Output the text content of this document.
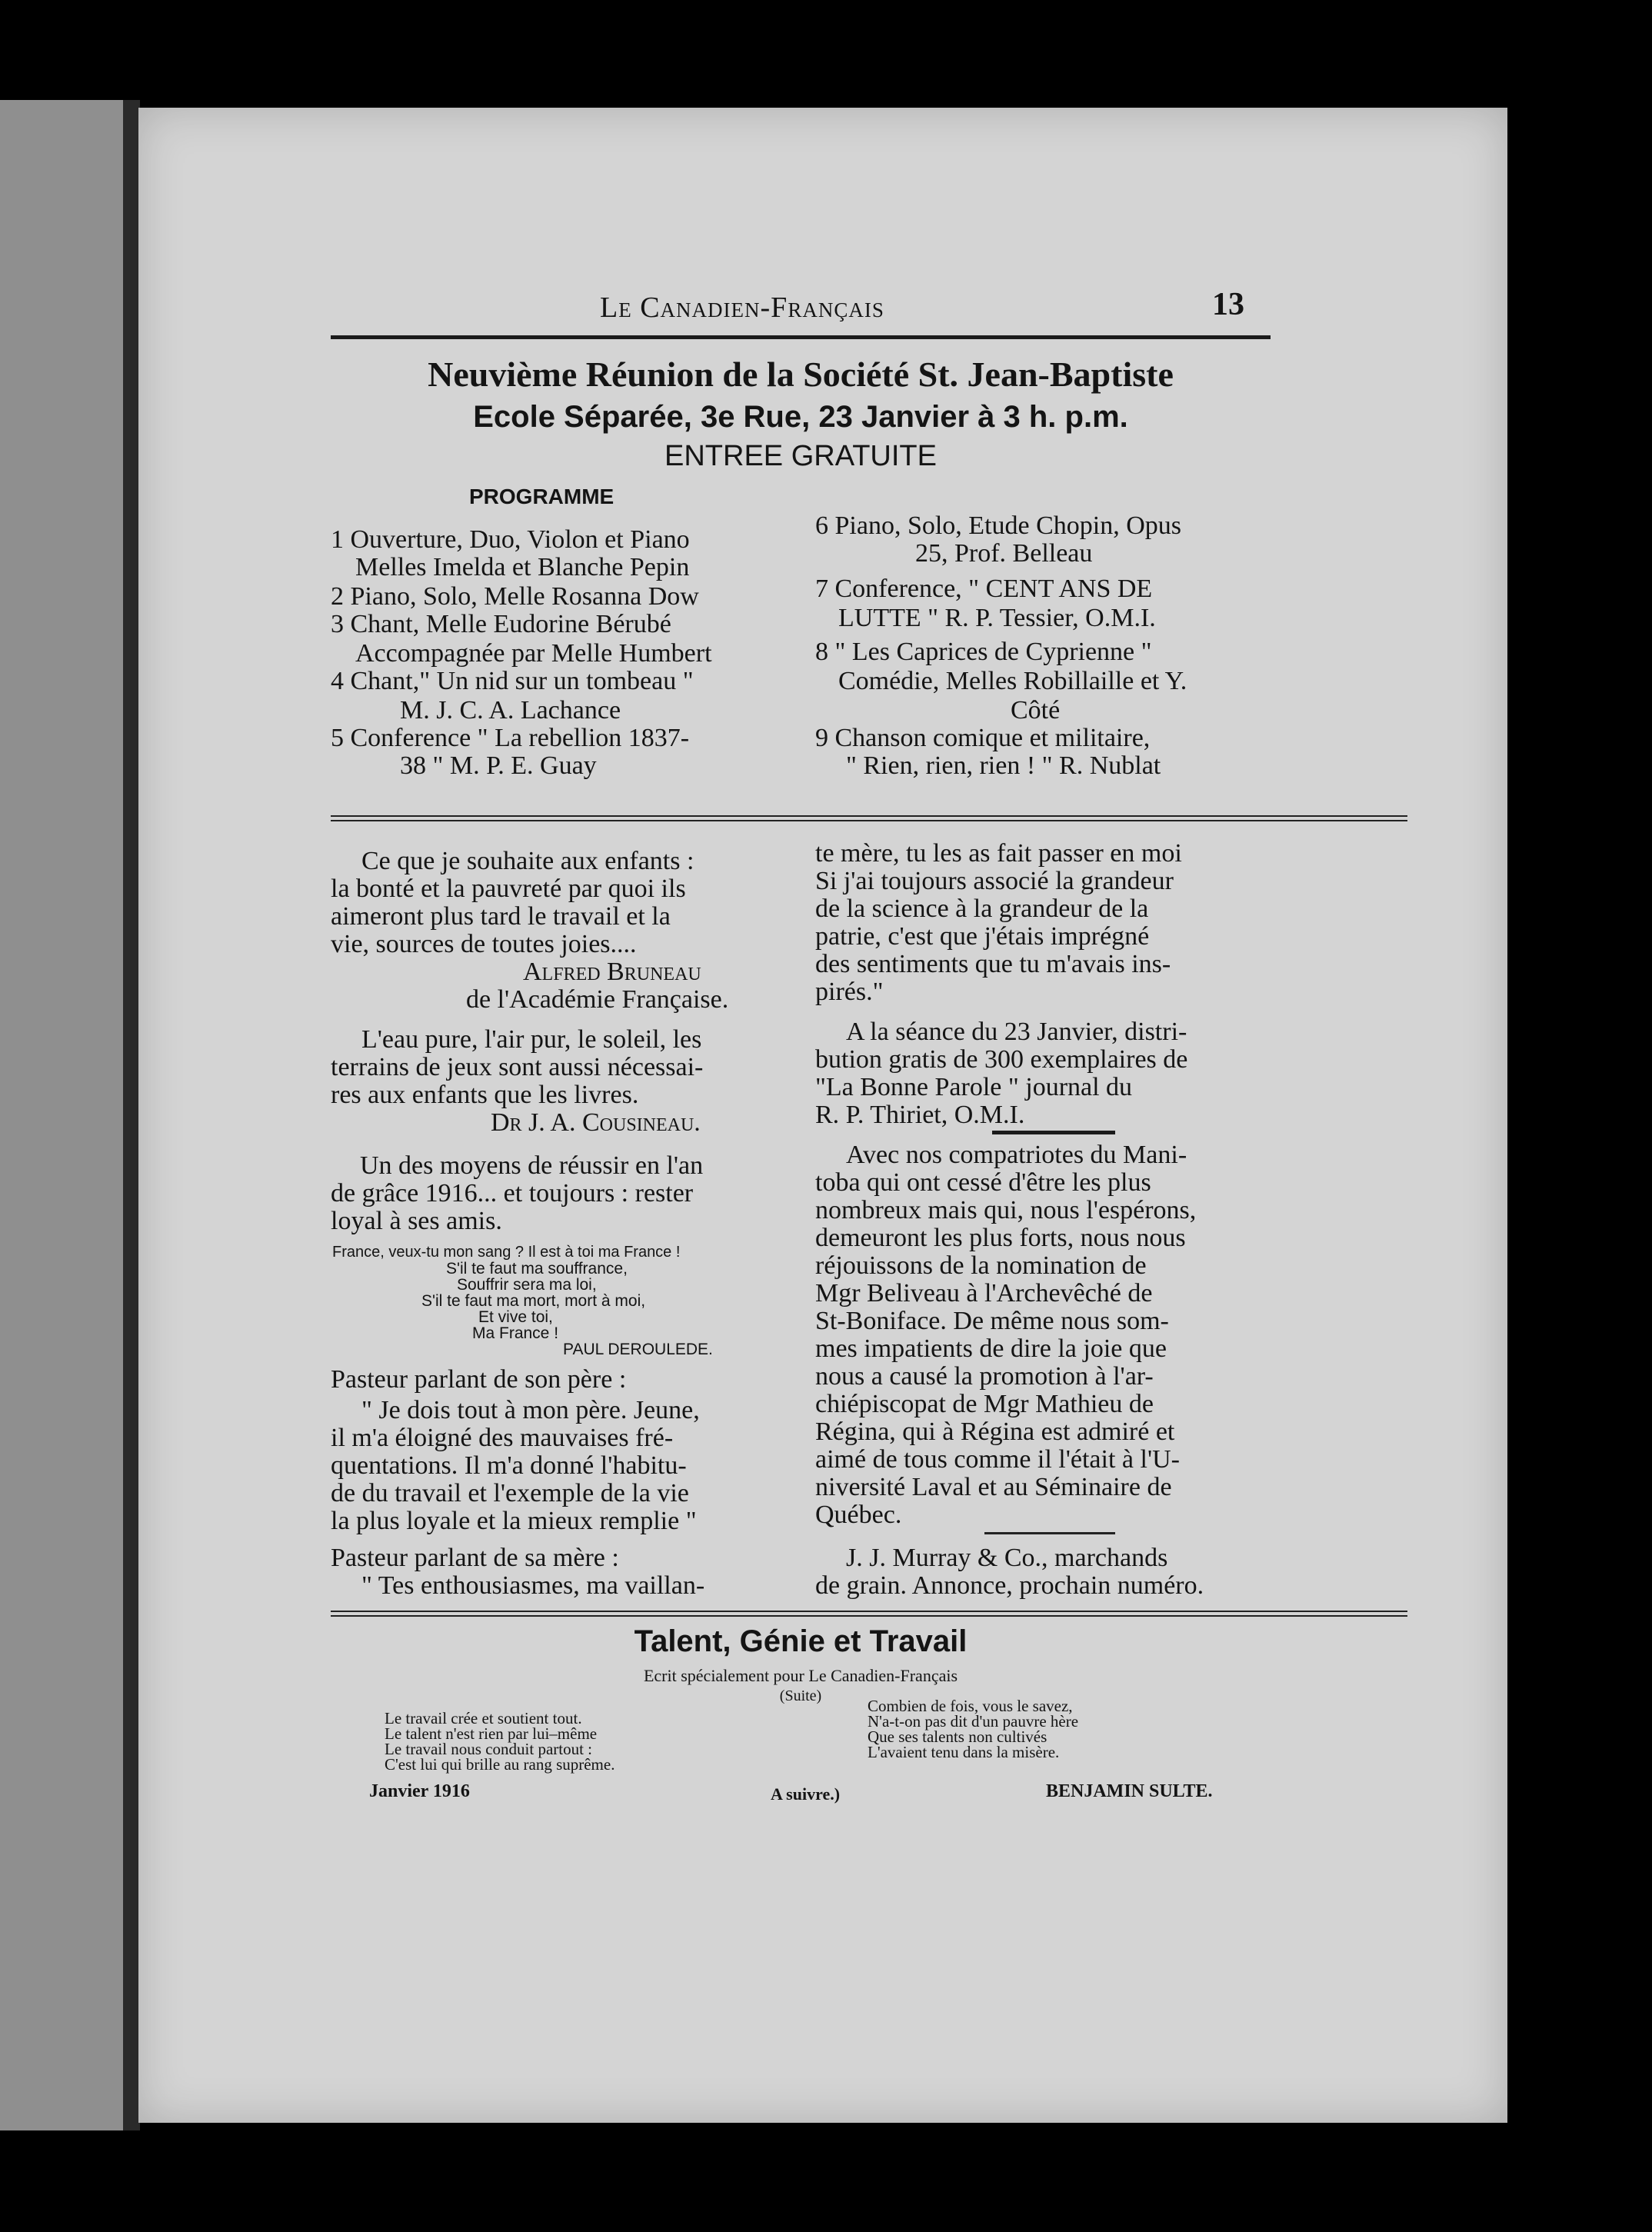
Le Canadien-Français	13
Neuvième Réunion de la Société St. Jean-Baptiste
Ecole Séparée, 3e Rue, 23 Janvier à 3 h. p.m.
ENTREE GRATUITE
PROGRAMME
1 Ouverture, Duo, Violon et Piano
Melles Imelda et Blanche Pepin
2 Piano, Solo, Melle Rosanna Dow
3 Chant, Melle Eudorine Bérubé
Accompagnée par Melle Humbert
4 Chant," Un nid sur un tombeau "
M. J. C. A. Lachance
5 Conference " La rebellion 1837-
38 " M. P. E. Guay
6 Piano, Solo, Etude Chopin, Opus
25, Prof. Belleau
7 Conference, " CENT ANS DE
LUTTE " R. P. Tessier, O.M.I.
8 " Les Caprices de Cyprienne "
Comédie, Melles Robillaille et Y.
Côté
9 Chanson comique et militaire,
" Rien, rien, rien ! " R. Nublat
Ce que je souhaite aux enfants :
la bonté et la pauvreté par quoi ils
aimeront plus tard le travail et la
vie, sources de toutes joies....
Alfred Bruneau
de l'Académie Française.
L'eau pure, l'air pur, le soleil, les
terrains de jeux sont aussi nécessai-
res aux enfants que les livres.
Dr J. A. Cousineau.
Un des moyens de réussir en l'an
de grâce 1916... et toujours : rester
loyal à ses amis.
France, veux-tu mon sang ? Il est à toi ma France !
S'il te faut ma souffrance,
Souffrir sera ma loi,
S'il te faut ma mort, mort à moi,
Et vive toi,
Ma France !
PAUL DEROULEDE.
Pasteur parlant de son père :
" Je dois tout à mon père. Jeune,
il m'a éloigné des mauvaises fré-
quentations. Il m'a donné l'habitu-
de du travail et l'exemple de la vie
la plus loyale et la mieux remplie "
Pasteur parlant de sa mère :
" Tes enthousiasmes, ma vaillan-
te mère, tu les as fait passer en moi
Si j'ai toujours associé la grandeur
de la science à la grandeur de la
patrie, c'est que j'étais imprégné
des sentiments que tu m'avais ins-
pirés."
A la séance du 23 Janvier, distri-
bution gratis de 300 exemplaires de
"La Bonne Parole " journal du
R. P. Thiriet, O.M.I.
Avec nos compatriotes du Mani-
toba qui ont cessé d'être les plus
nombreux mais qui, nous l'espérons,
demeuront les plus forts, nous nous
réjouissons de la nomination de
Mgr Beliveau à l'Archevêché de
St-Boniface. De même nous som-
mes impatients de dire la joie que
nous a causé la promotion à l'ar-
chiépiscopat de Mgr Mathieu de
Régina, qui à Régina est admiré et
aimé de tous comme il l'était à l'U-
niversité Laval et au Séminaire de
Québec.
J. J. Murray & Co., marchands
de grain. Annonce, prochain numéro.
Talent, Génie et Travail
Ecrit spécialement pour Le Canadien-Français
(Suite)
Le travail crée et soutient tout.
Le talent n'est rien par lui–même
Le travail nous conduit partout :
C'est lui qui brille au rang suprême.
Combien de fois, vous le savez,
N'a-t-on pas dit d'un pauvre hère
Que ses talents non cultivés
L'avaient tenu dans la misère.
Janvier 1916	A suivre.)	BENJAMIN SULTE.
